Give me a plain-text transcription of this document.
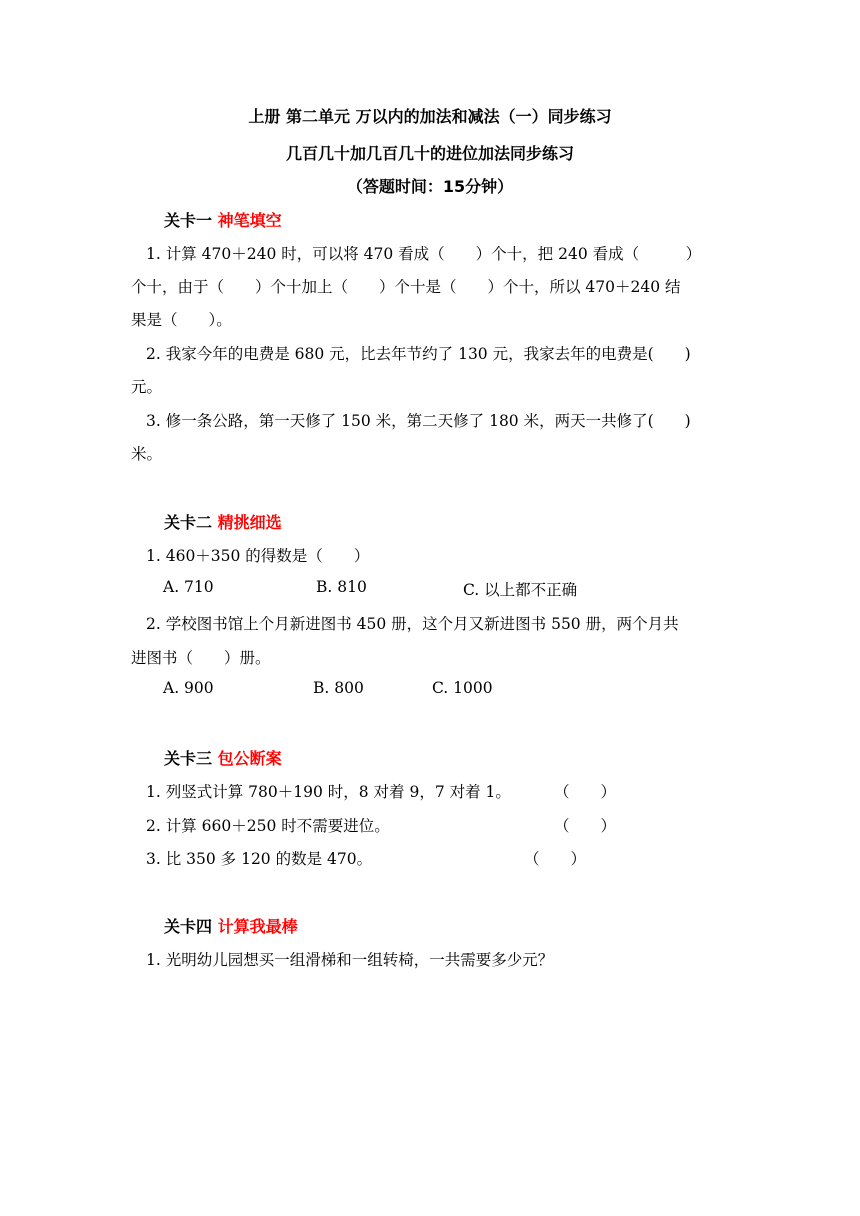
上册 第二单元 万以内的加法和减法（一）同步练习
几百几十加几百几十的进位加法同步练习
（答题时间：15分钟）
关卡一 神笔填空
1. 计算 470＋240 时，可以将 470 看成（　　）个十，把 240 看成（　　　）
个十，由于（　　）个十加上（　　）个十是（　　）个十，所以 470＋240 结
果是（　　）。
2. 我家今年的电费是 680 元，比去年节约了 130 元，我家去年的电费是(　　)
元。
3. 修一条公路，第一天修了 150 米，第二天修了 180 米，两天一共修了(　　)
米。
关卡二 精挑细选
1. 460＋350 的得数是（　　）
A. 710	B. 810	C. 以上都不正确
2. 学校图书馆上个月新进图书 450 册，这个月又新进图书 550 册，两个月共
进图书（　　）册。
A. 900	B. 800	C. 1000
关卡三 包公断案
1. 列竖式计算 780＋190 时，8 对着 9，7 对着 1。	（　　）
2. 计算 660＋250 时不需要进位。	（　　）
3. 比 350 多 120 的数是 470。	（　　）
关卡四 计算我最棒
1. 光明幼儿园想买一组滑梯和一组转椅，一共需要多少元？
